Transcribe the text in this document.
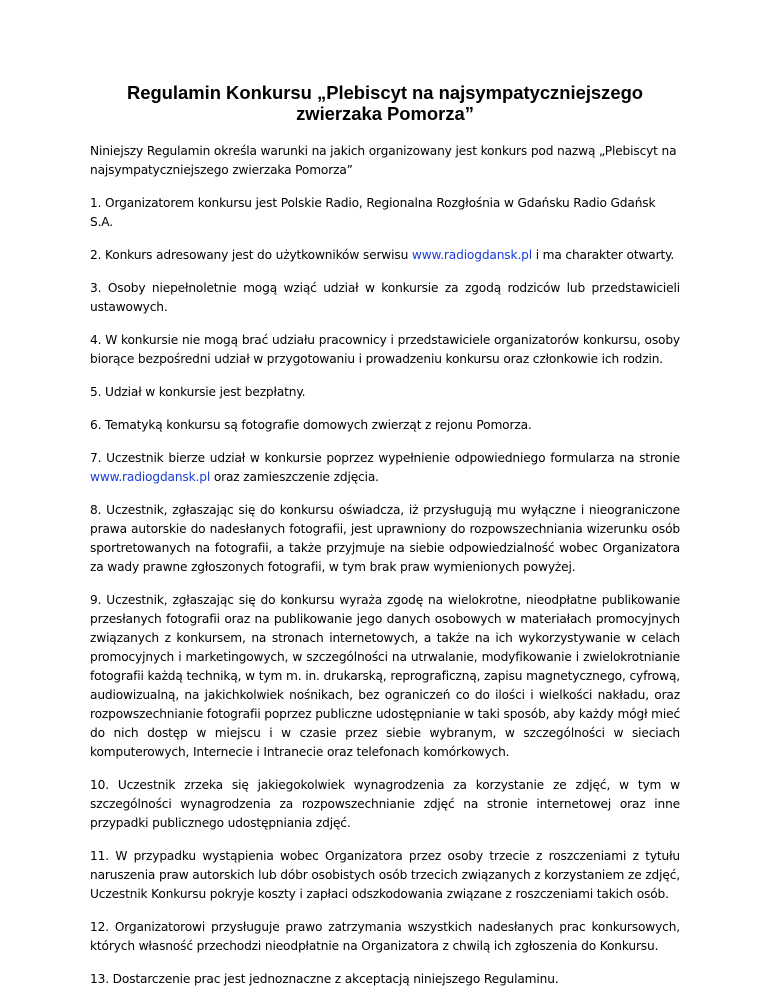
Regulamin Konkursu „Plebiscyt na najsympatyczniejszego
zwierzaka Pomorza”

Niniejszy Regulamin określa warunki na jakich organizowany jest konkurs pod nazwą „Plebiscyt na najsympatyczniejszego zwierzaka Pomorza”

1. Organizatorem konkursu jest Polskie Radio, Regionalna Rozgłośnia w Gdańsku Radio Gdańsk S.A.

2. Konkurs adresowany jest do użytkowników serwisu www.radiogdansk.pl i ma charakter otwarty.

3. Osoby niepełnoletnie mogą wziąć udział w konkursie za zgodą rodziców lub przedstawicieli ustawowych.

4. W konkursie nie mogą brać udziału pracownicy i przedstawiciele organizatorów konkursu, osoby biorące bezpośredni udział w przygotowaniu i prowadzeniu konkursu oraz członkowie ich rodzin.

5. Udział w konkursie jest bezpłatny.

6. Tematyką konkursu są fotografie domowych zwierząt z rejonu Pomorza.

7. Uczestnik bierze udział w konkursie poprzez wypełnienie odpowiedniego formularza na stronie www.radiogdansk.pl oraz zamieszczenie zdjęcia.

8. Uczestnik, zgłaszając się do konkursu oświadcza, iż przysługują mu wyłączne i nieograniczone prawa autorskie do nadesłanych fotografii, jest uprawniony do rozpowszechniania wizerunku osób sportretowanych na fotografii, a także przyjmuje na siebie odpowiedzialność wobec Organizatora za wady prawne zgłoszonych fotografii, w tym brak praw wymienionych powyżej.

9. Uczestnik, zgłaszając się do konkursu wyraża zgodę na wielokrotne, nieodpłatne publikowanie przesłanych fotografii oraz na publikowanie jego danych osobowych w materiałach promocyjnych związanych z konkursem, na stronach internetowych, a także na ich wykorzystywanie w celach promocyjnych i marketingowych, w szczególności na utrwalanie, modyfikowanie i zwielokrotnianie fotografii każdą techniką, w tym m. in. drukarską, reprograficzną, zapisu magnetycznego, cyfrową, audiowizualną, na jakichkolwiek nośnikach, bez ograniczeń co do ilości i wielkości nakładu, oraz rozpowszechnianie fotografii poprzez publiczne udostępnianie w taki sposób, aby każdy mógł mieć do nich dostęp w miejscu i w czasie przez siebie wybranym, w szczególności w sieciach komputerowych, Internecie i Intranecie oraz telefonach komórkowych.

10. Uczestnik zrzeka się jakiegokolwiek wynagrodzenia za korzystanie ze zdjęć, w tym w szczególności wynagrodzenia za rozpowszechnianie zdjęć na stronie internetowej oraz inne przypadki publicznego udostępniania zdjęć.

11. W przypadku wystąpienia wobec Organizatora przez osoby trzecie z roszczeniami z tytułu naruszenia praw autorskich lub dóbr osobistych osób trzecich związanych z korzystaniem ze zdjęć, Uczestnik Konkursu pokryje koszty i zapłaci odszkodowania związane z roszczeniami takich osób.

12. Organizatorowi przysługuje prawo zatrzymania wszystkich nadesłanych prac konkursowych, których własność przechodzi nieodpłatnie na Organizatora z chwilą ich zgłoszenia do Konkursu.

13. Dostarczenie prac jest jednoznaczne z akceptacją niniejszego Regulaminu.
